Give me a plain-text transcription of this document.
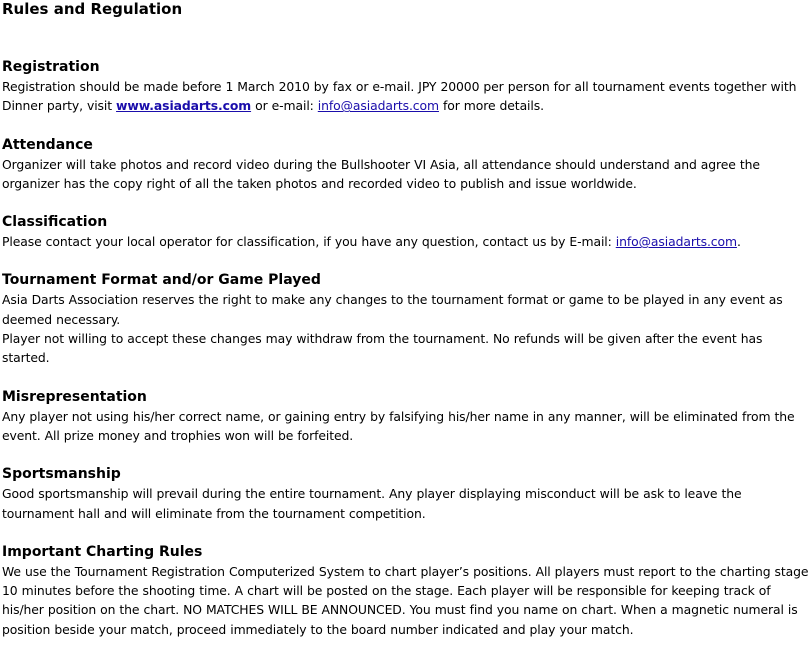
Rules and Regulation
Registration

Registration should be made before 1 March 2010 by fax or e-mail. JPY 20000 per person for all tournament events together with Dinner party, visit www.asiadarts.com or e-mail: info@asiadarts.com for more details.

Attendance

Organizer will take photos and record video during the Bullshooter VI Asia, all attendance should understand and agree the organizer has the copy right of all the taken photos and recorded video to publish and issue worldwide.

Classification

Please contact your local operator for classification, if you have any question, contact us by E-mail: info@asiadarts.com.

Tournament Format and/or Game Played

Asia Darts Association reserves the right to make any changes to the tournament format or game to be played in any event as deemed necessary.

Player not willing to accept these changes may withdraw from the tournament. No refunds will be given after the event has started.

Misrepresentation

Any player not using his/her correct name, or gaining entry by falsifying his/her name in any manner, will be eliminated from the event. All prize money and trophies won will be forfeited.

Sportsmanship

Good sportsmanship will prevail during the entire tournament. Any player displaying misconduct will be ask to leave the tournament hall and will eliminate from the tournament competition.

Important Charting Rules

We use the Tournament Registration Computerized System to chart player’s positions. All players must report to the charting stage 10 minutes before the shooting time. A chart will be posted on the stage. Each player will be responsible for keeping track of his/her position on the chart. NO MATCHES WILL BE ANNOUNCED. You must find you name on chart. When a magnetic numeral is position beside your match, proceed immediately to the board number indicated and play your match.
